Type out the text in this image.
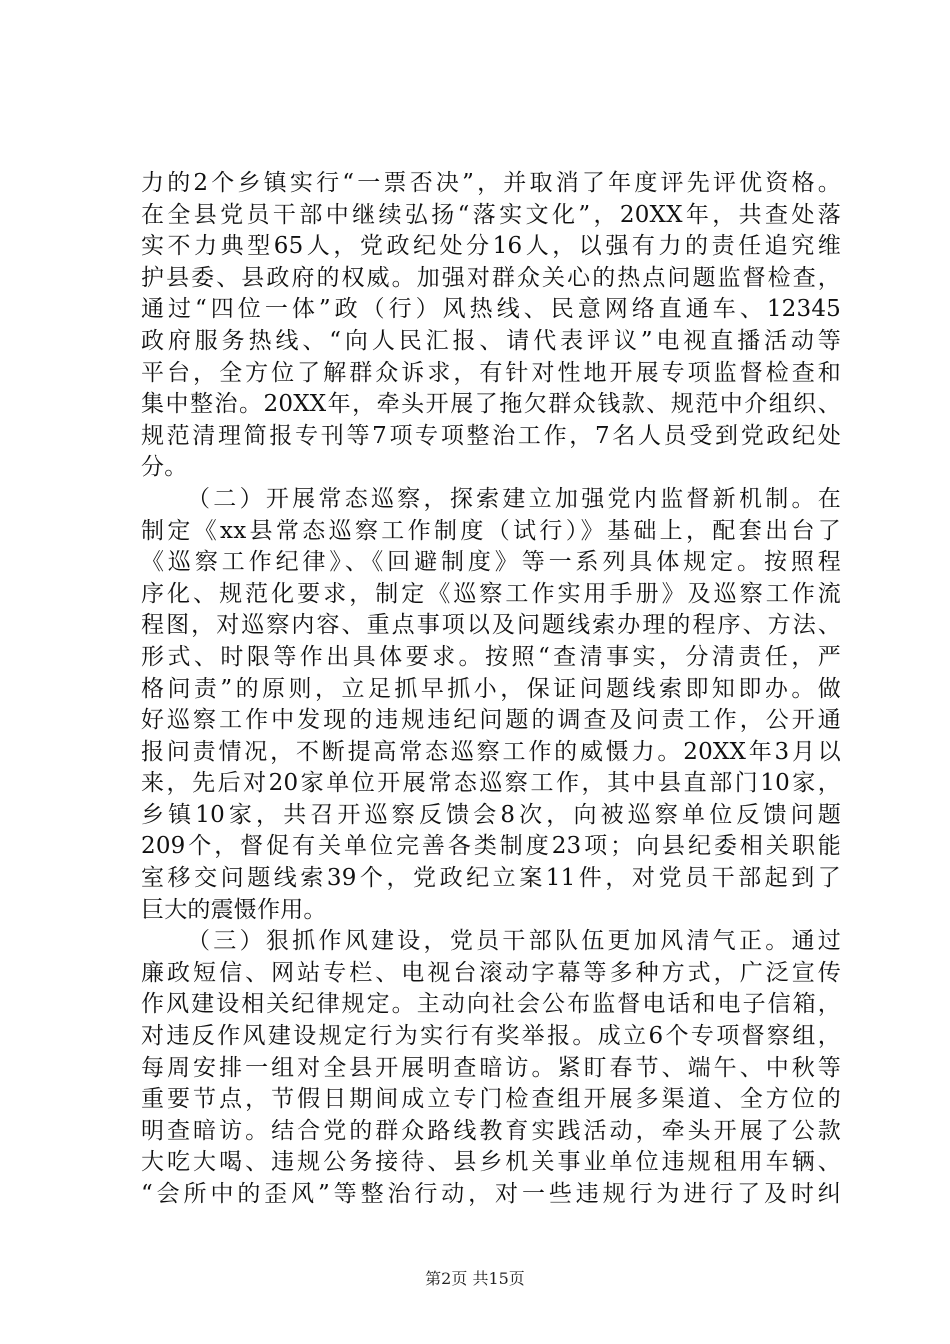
力的2个乡镇实行“一票否决”，并取消了年度评先评优资格。
在全县党员干部中继续弘扬“落实文化”，20XX年，共查处落
实不力典型65人，党政纪处分16人，以强有力的责任追究维
护县委、县政府的权威。加强对群众关心的热点问题监督检查，
通过“四位一体”政（行）风热线、民意网络直通车、12345
政府服务热线、“向人民汇报、请代表评议”电视直播活动等
平台，全方位了解群众诉求，有针对性地开展专项监督检查和
集中整治。20XX年，牵头开展了拖欠群众钱款、规范中介组织、
规范清理简报专刊等7项专项整治工作，7名人员受到党政纪处
分。
（二）开展常态巡察，探索建立加强党内监督新机制。在
制定《xx县常态巡察工作制度（试行）》基础上，配套出台了
《巡察工作纪律》、《回避制度》等一系列具体规定。按照程
序化、规范化要求，制定《巡察工作实用手册》及巡察工作流
程图，对巡察内容、重点事项以及问题线索办理的程序、方法、
形式、时限等作出具体要求。按照“查清事实，分清责任，严
格问责”的原则，立足抓早抓小，保证问题线索即知即办。做
好巡察工作中发现的违规违纪问题的调查及问责工作，公开通
报问责情况，不断提高常态巡察工作的威慑力。20XX年3月以
来，先后对20家单位开展常态巡察工作，其中县直部门10家，
乡镇10家，共召开巡察反馈会8次，向被巡察单位反馈问题
209个，督促有关单位完善各类制度23项；向县纪委相关职能
室移交问题线索39个，党政纪立案11件，对党员干部起到了
巨大的震慑作用。
（三）狠抓作风建设，党员干部队伍更加风清气正。通过
廉政短信、网站专栏、电视台滚动字幕等多种方式，广泛宣传
作风建设相关纪律规定。主动向社会公布监督电话和电子信箱，
对违反作风建设规定行为实行有奖举报。成立6个专项督察组，
每周安排一组对全县开展明查暗访。紧盯春节、端午、中秋等
重要节点，节假日期间成立专门检查组开展多渠道、全方位的
明查暗访。结合党的群众路线教育实践活动，牵头开展了公款
大吃大喝、违规公务接待、县乡机关事业单位违规租用车辆、
“会所中的歪风”等整治行动，对一些违规行为进行了及时纠
第2页 共15页
